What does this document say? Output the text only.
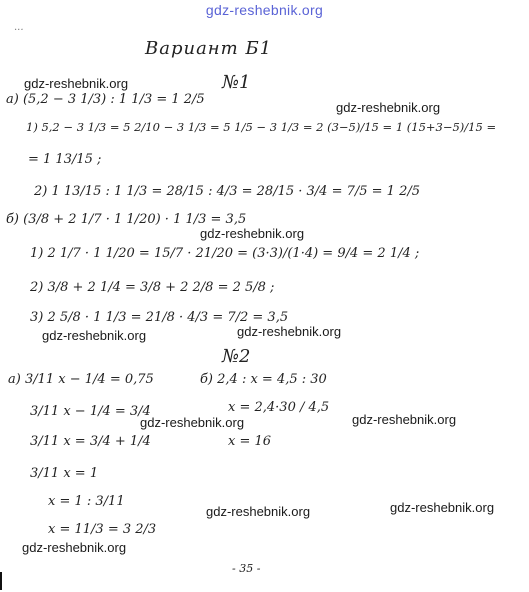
gdz-reshebnik.org
...
Вариант Б1
№1
а) (5,2 − 3 1/3) : 1 1/3 = 1 2/5
1) 5,2 − 3 1/3 = 5 2/10 − 3 1/3 = 5 1/5 − 3 1/3 = 2 (3−5)/15 = 1 (15+3−5)/15 =
= 1 13/15 ;
2) 1 13/15 : 1 1/3 = 28/15 : 4/3 = 28/15 · 3/4 = 7/5 = 1 2/5
б) (3/8 + 2 1/7 · 1 1/20) · 1 1/3 = 3,5
1) 2 1/7 · 1 1/20 = 15/7 · 21/20 = (3·3)/(1·4) = 9/4 = 2 1/4 ;
2) 3/8 + 2 1/4 = 3/8 + 2 2/8 = 2 5/8 ;
3) 2 5/8 · 1 1/3 = 21/8 · 4/3 = 7/2 = 3,5
№2
а) 3/11 x − 1/4 = 0,75
3/11 x − 1/4 = 3/4
3/11 x = 3/4 + 1/4
3/11 x = 1
x = 1 : 3/11
x = 11/3 = 3 2/3
б) 2,4 : x = 4,5 : 30
x = 2,4·30 / 4,5
x = 16
gdz-reshebnik.org
gdz-reshebnik.org
gdz-reshebnik.org
gdz-reshebnik.org	gdz-reshebnik.org
gdz-reshebnik.org	gdz-reshebnik.org
gdz-reshebnik.org
gdz-reshebnik.org
gdz-reshebnik.org
- 35 -
